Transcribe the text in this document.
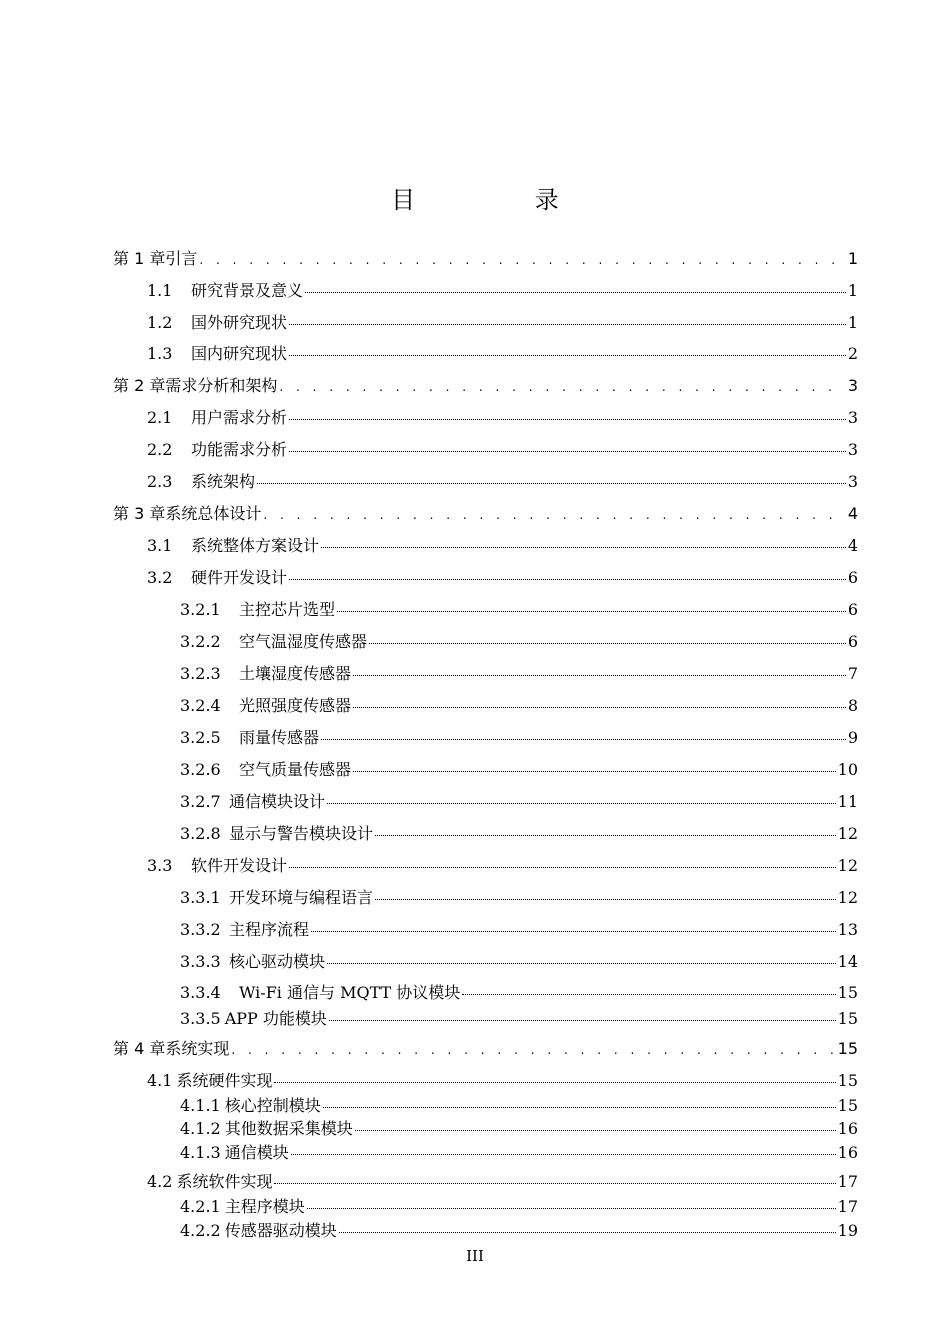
目 录
第 1 章 引言 . . .	1
1.1	研究背景及意义	1
1.2	国外研究现状	1
1.3	国内研究现状	2
第 2 章 需求分析和架构 . . .	3
2.1	用户需求分析	3
2.2	功能需求分析	3
2.3	系统架构	3
第 3 章 系统总体设计 . . .	4
3.1	系统整体方案设计	4
3.2	硬件开发设计	6
3.2.1	主控芯片选型	6
3.2.2	空气温湿度传感器	6
3.2.3	土壤湿度传感器	7
3.2.4	光照强度传感器	8
3.2.5	雨量传感器	9
3.2.6	空气质量传感器	10
3.2.7 通信模块设计	11
3.2.8 显示与警告模块设计	12
3.3	软件开发设计	12
3.3.1 开发环境与编程语言	12
3.3.2 主程序流程	13
3.3.3 核心驱动模块	14
3.3.4	Wi-Fi 通信与 MQTT 协议模块	15
3.3.5 APP 功能模块	15
第 4 章 系统实现 . . .	15
4.1 系统硬件实现	15
4.1.1 核心控制模块	15
4.1.2 其他数据采集模块	16
4.1.3 通信模块	16
4.2 系统软件实现	17
4.2.1 主程序模块	17
4.2.2 传感器驱动模块	19
III
